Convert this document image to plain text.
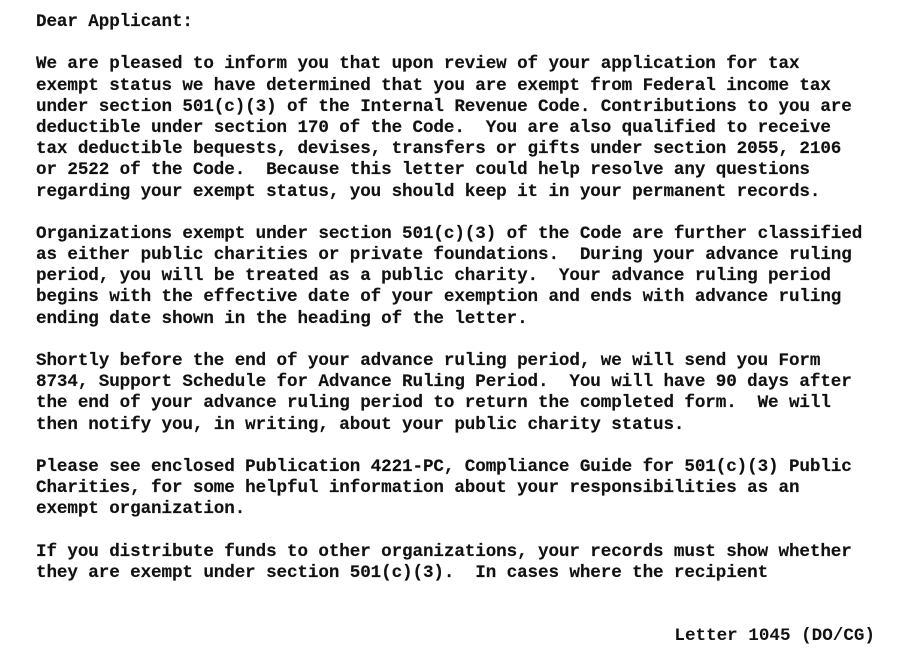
Dear Applicant:
We are pleased to inform you that upon review of your application for tax
exempt status we have determined that you are exempt from Federal income tax
under section 501(c)(3) of the Internal Revenue Code. Contributions to you are
deductible under section 170 of the Code.  You are also qualified to receive
tax deductible bequests, devises, transfers or gifts under section 2055, 2106
or 2522 of the Code.  Because this letter could help resolve any questions
regarding your exempt status, you should keep it in your permanent records.
Organizations exempt under section 501(c)(3) of the Code are further classified
as either public charities or private foundations.  During your advance ruling
period, you will be treated as a public charity.  Your advance ruling period
begins with the effective date of your exemption and ends with advance ruling
ending date shown in the heading of the letter.
Shortly before the end of your advance ruling period, we will send you Form
8734, Support Schedule for Advance Ruling Period.  You will have 90 days after
the end of your advance ruling period to return the completed form.  We will
then notify you, in writing, about your public charity status.
Please see enclosed Publication 4221-PC, Compliance Guide for 501(c)(3) Public
Charities, for some helpful information about your responsibilities as an
exempt organization.
If you distribute funds to other organizations, your records must show whether
they are exempt under section 501(c)(3).  In cases where the recipient
Letter 1045 (DO/CG)
